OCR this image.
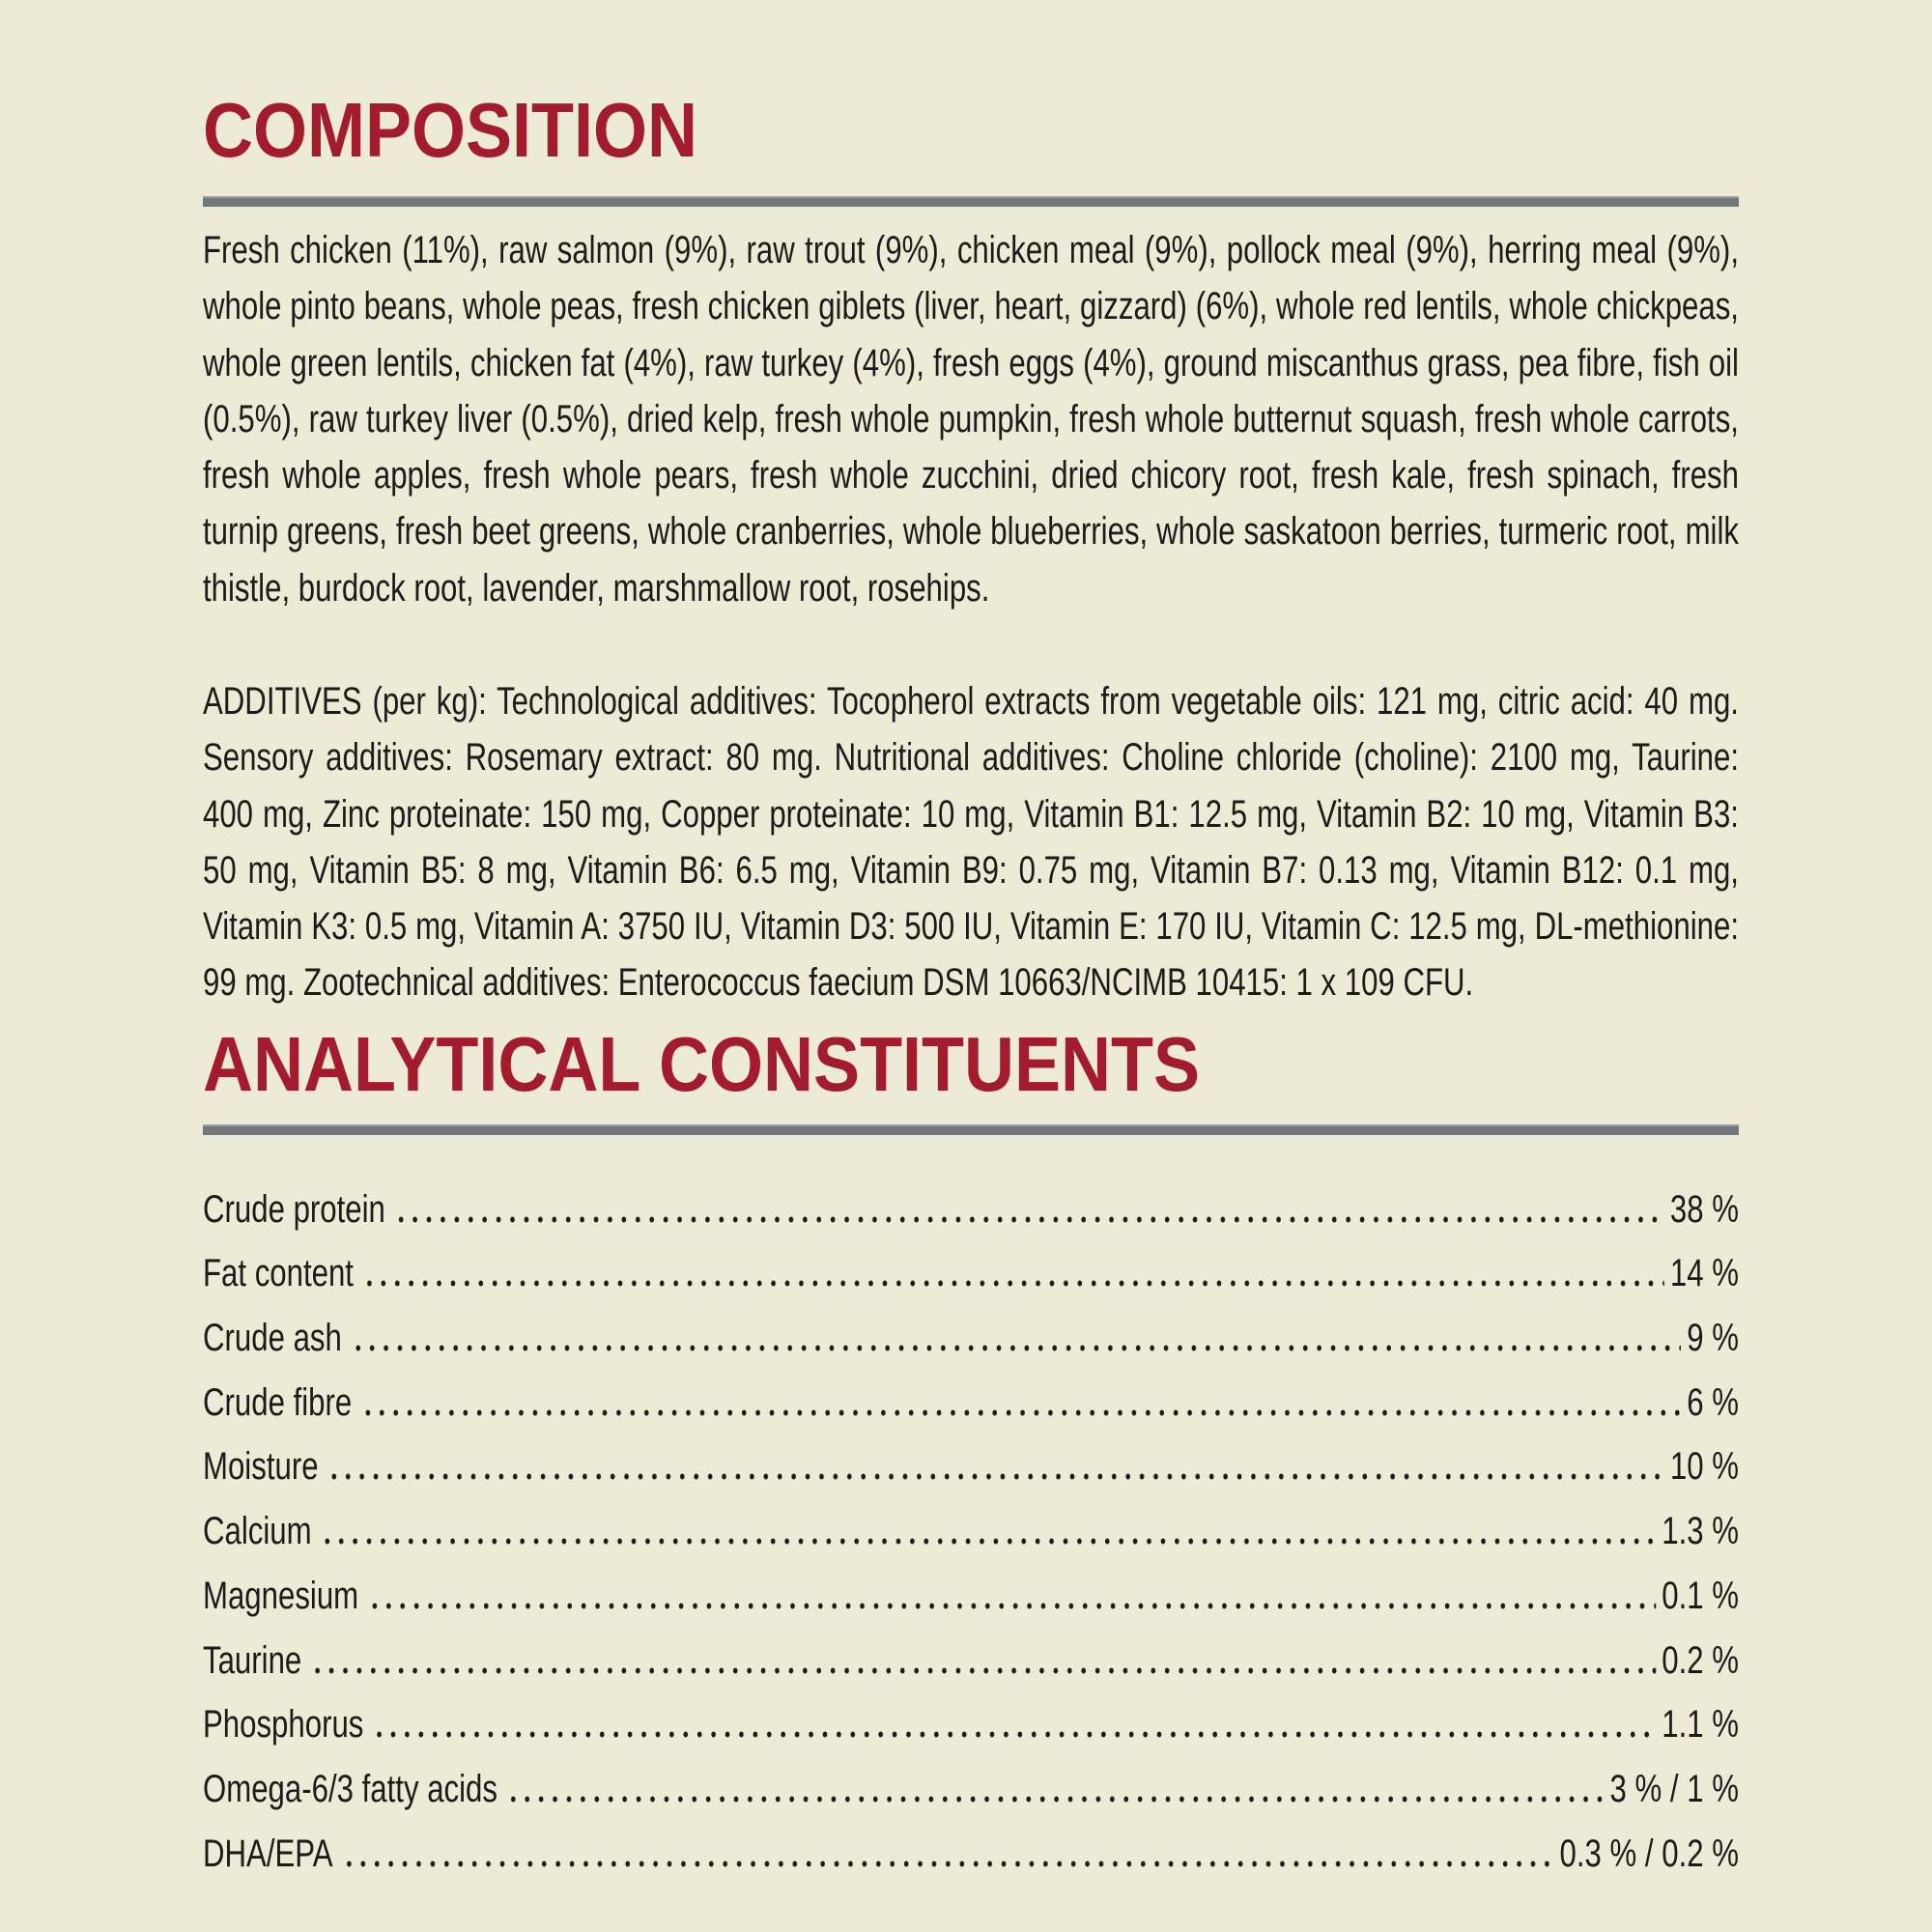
COMPOSITION

Fresh chicken (11%), raw salmon (9%), raw trout (9%), chicken meal (9%), pollock meal (9%), herring meal (9%), whole pinto beans, whole peas, fresh chicken giblets (liver, heart, gizzard) (6%), whole red lentils, whole chickpeas, whole green lentils, chicken fat (4%), raw turkey (4%), fresh eggs (4%), ground miscanthus grass, pea fibre, fish oil (0.5%), raw turkey liver (0.5%), dried kelp, fresh whole pumpkin, fresh whole butternut squash, fresh whole carrots, fresh whole apples, fresh whole pears, fresh whole zucchini, dried chicory root, fresh kale, fresh spinach, fresh turnip greens, fresh beet greens, whole cranberries, whole blueberries, whole saskatoon berries, turmeric root, milk thistle, burdock root, lavender, marshmallow root, rosehips.

ADDITIVES (per kg): Technological additives: Tocopherol extracts from vegetable oils: 121 mg, citric acid: 40 mg. Sensory additives: Rosemary extract: 80 mg. Nutritional additives: Choline chloride (choline): 2100 mg, Taurine: 400 mg, Zinc proteinate: 150 mg, Copper proteinate: 10 mg, Vitamin B1: 12.5 mg, Vitamin B2: 10 mg, Vitamin B3: 50 mg, Vitamin B5: 8 mg, Vitamin B6: 6.5 mg, Vitamin B9: 0.75 mg, Vitamin B7: 0.13 mg, Vitamin B12: 0.1 mg, Vitamin K3: 0.5 mg, Vitamin A: 3750 IU, Vitamin D3: 500 IU, Vitamin E: 170 IU, Vitamin C: 12.5 mg, DL-methionine: 99 mg. Zootechnical additives: Enterococcus faecium DSM 10663/NCIMB 10415: 1 x 109 CFU.

ANALYTICAL CONSTITUENTS
Crude protein	38 %
Fat content	14 %
Crude ash	9 %
Crude fibre	6 %
Moisture	10 %
Calcium	1.3 %
Magnesium	0.1 %
Taurine	0.2 %
Phosphorus	1.1 %
Omega-6/3 fatty acids	3 % / 1 %
DHA/EPA	0.3 % / 0.2 %
